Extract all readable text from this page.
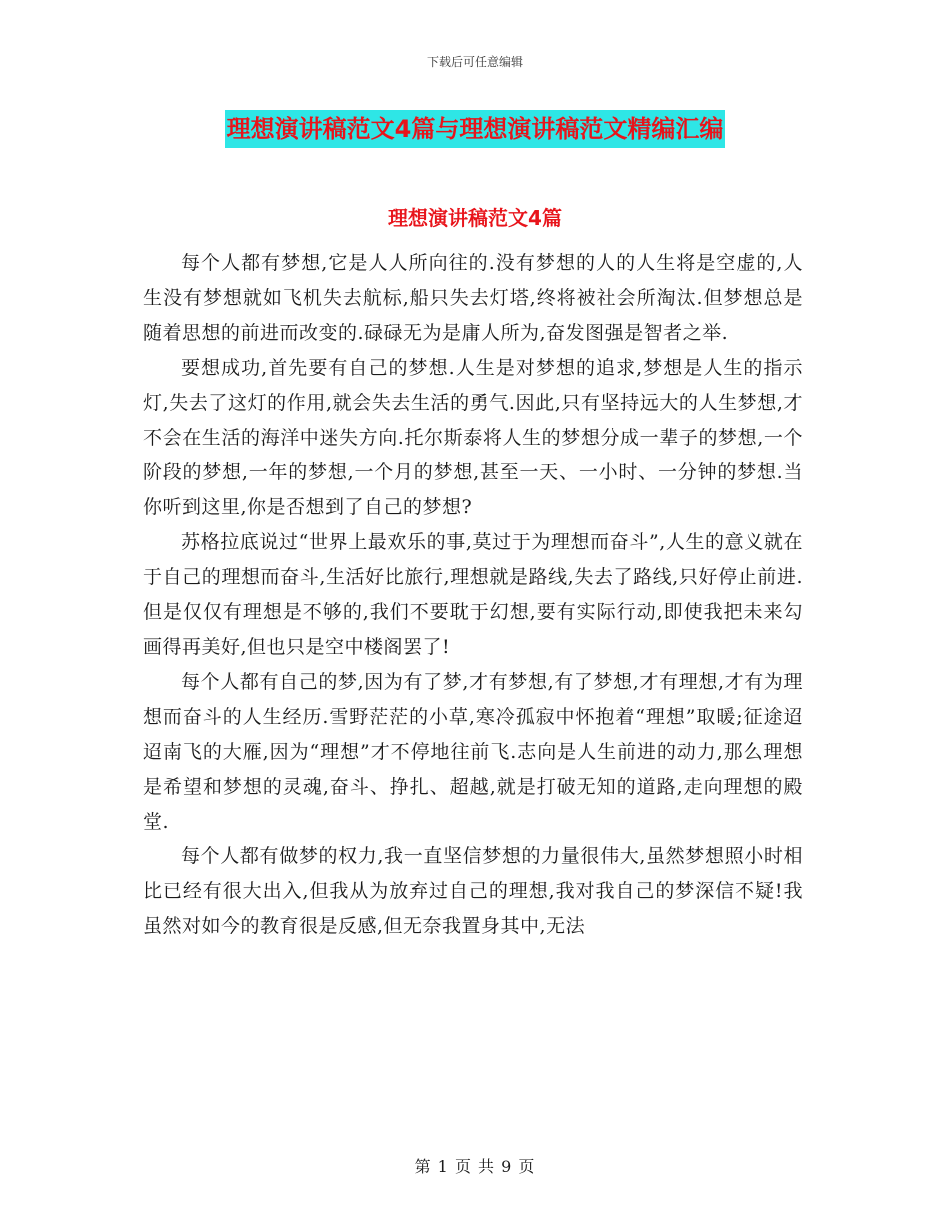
下载后可任意编辑
理想演讲稿范文4篇与理想演讲稿范文精编汇编
理想演讲稿范文4篇

每个人都有梦想,它是人人所向往的.没有梦想的人的人生将是空虚的,人生没有梦想就如飞机失去航标,船只失去灯塔,终将被社会所淘汰.但梦想总是随着思想的前进而改变的.碌碌无为是庸人所为,奋发图强是智者之举.

要想成功,首先要有自己的梦想.人生是对梦想的追求,梦想是人生的指示灯,失去了这灯的作用,就会失去生活的勇气.因此,只有坚持远大的人生梦想,才不会在生活的海洋中迷失方向.托尔斯泰将人生的梦想分成一辈子的梦想,一个阶段的梦想,一年的梦想,一个月的梦想,甚至一天、一小时、一分钟的梦想.当你听到这里,你是否想到了自己的梦想?

苏格拉底说过“世界上最欢乐的事,莫过于为理想而奋斗”,人生的意义就在于自己的理想而奋斗,生活好比旅行,理想就是路线,失去了路线,只好停止前进.但是仅仅有理想是不够的,我们不要耽于幻想,要有实际行动,即使我把未来勾画得再美好,但也只是空中楼阁罢了!

每个人都有自己的梦,因为有了梦,才有梦想,有了梦想,才有理想,才有为理想而奋斗的人生经历.雪野茫茫的小草,寒冷孤寂中怀抱着“理想”取暖;征途迢迢南飞的大雁,因为“理想”才不停地往前飞.志向是人生前进的动力,那么理想是希望和梦想的灵魂,奋斗、挣扎、超越,就是打破无知的道路,走向理想的殿堂.

每个人都有做梦的权力,我一直坚信梦想的力量很伟大,虽然梦想照小时相比已经有很大出入,但我从为放弃过自己的理想,我对我自己的梦深信不疑!我虽然对如今的教育很是反感,但无奈我置身其中,无法

第 1 页 共 9 页
